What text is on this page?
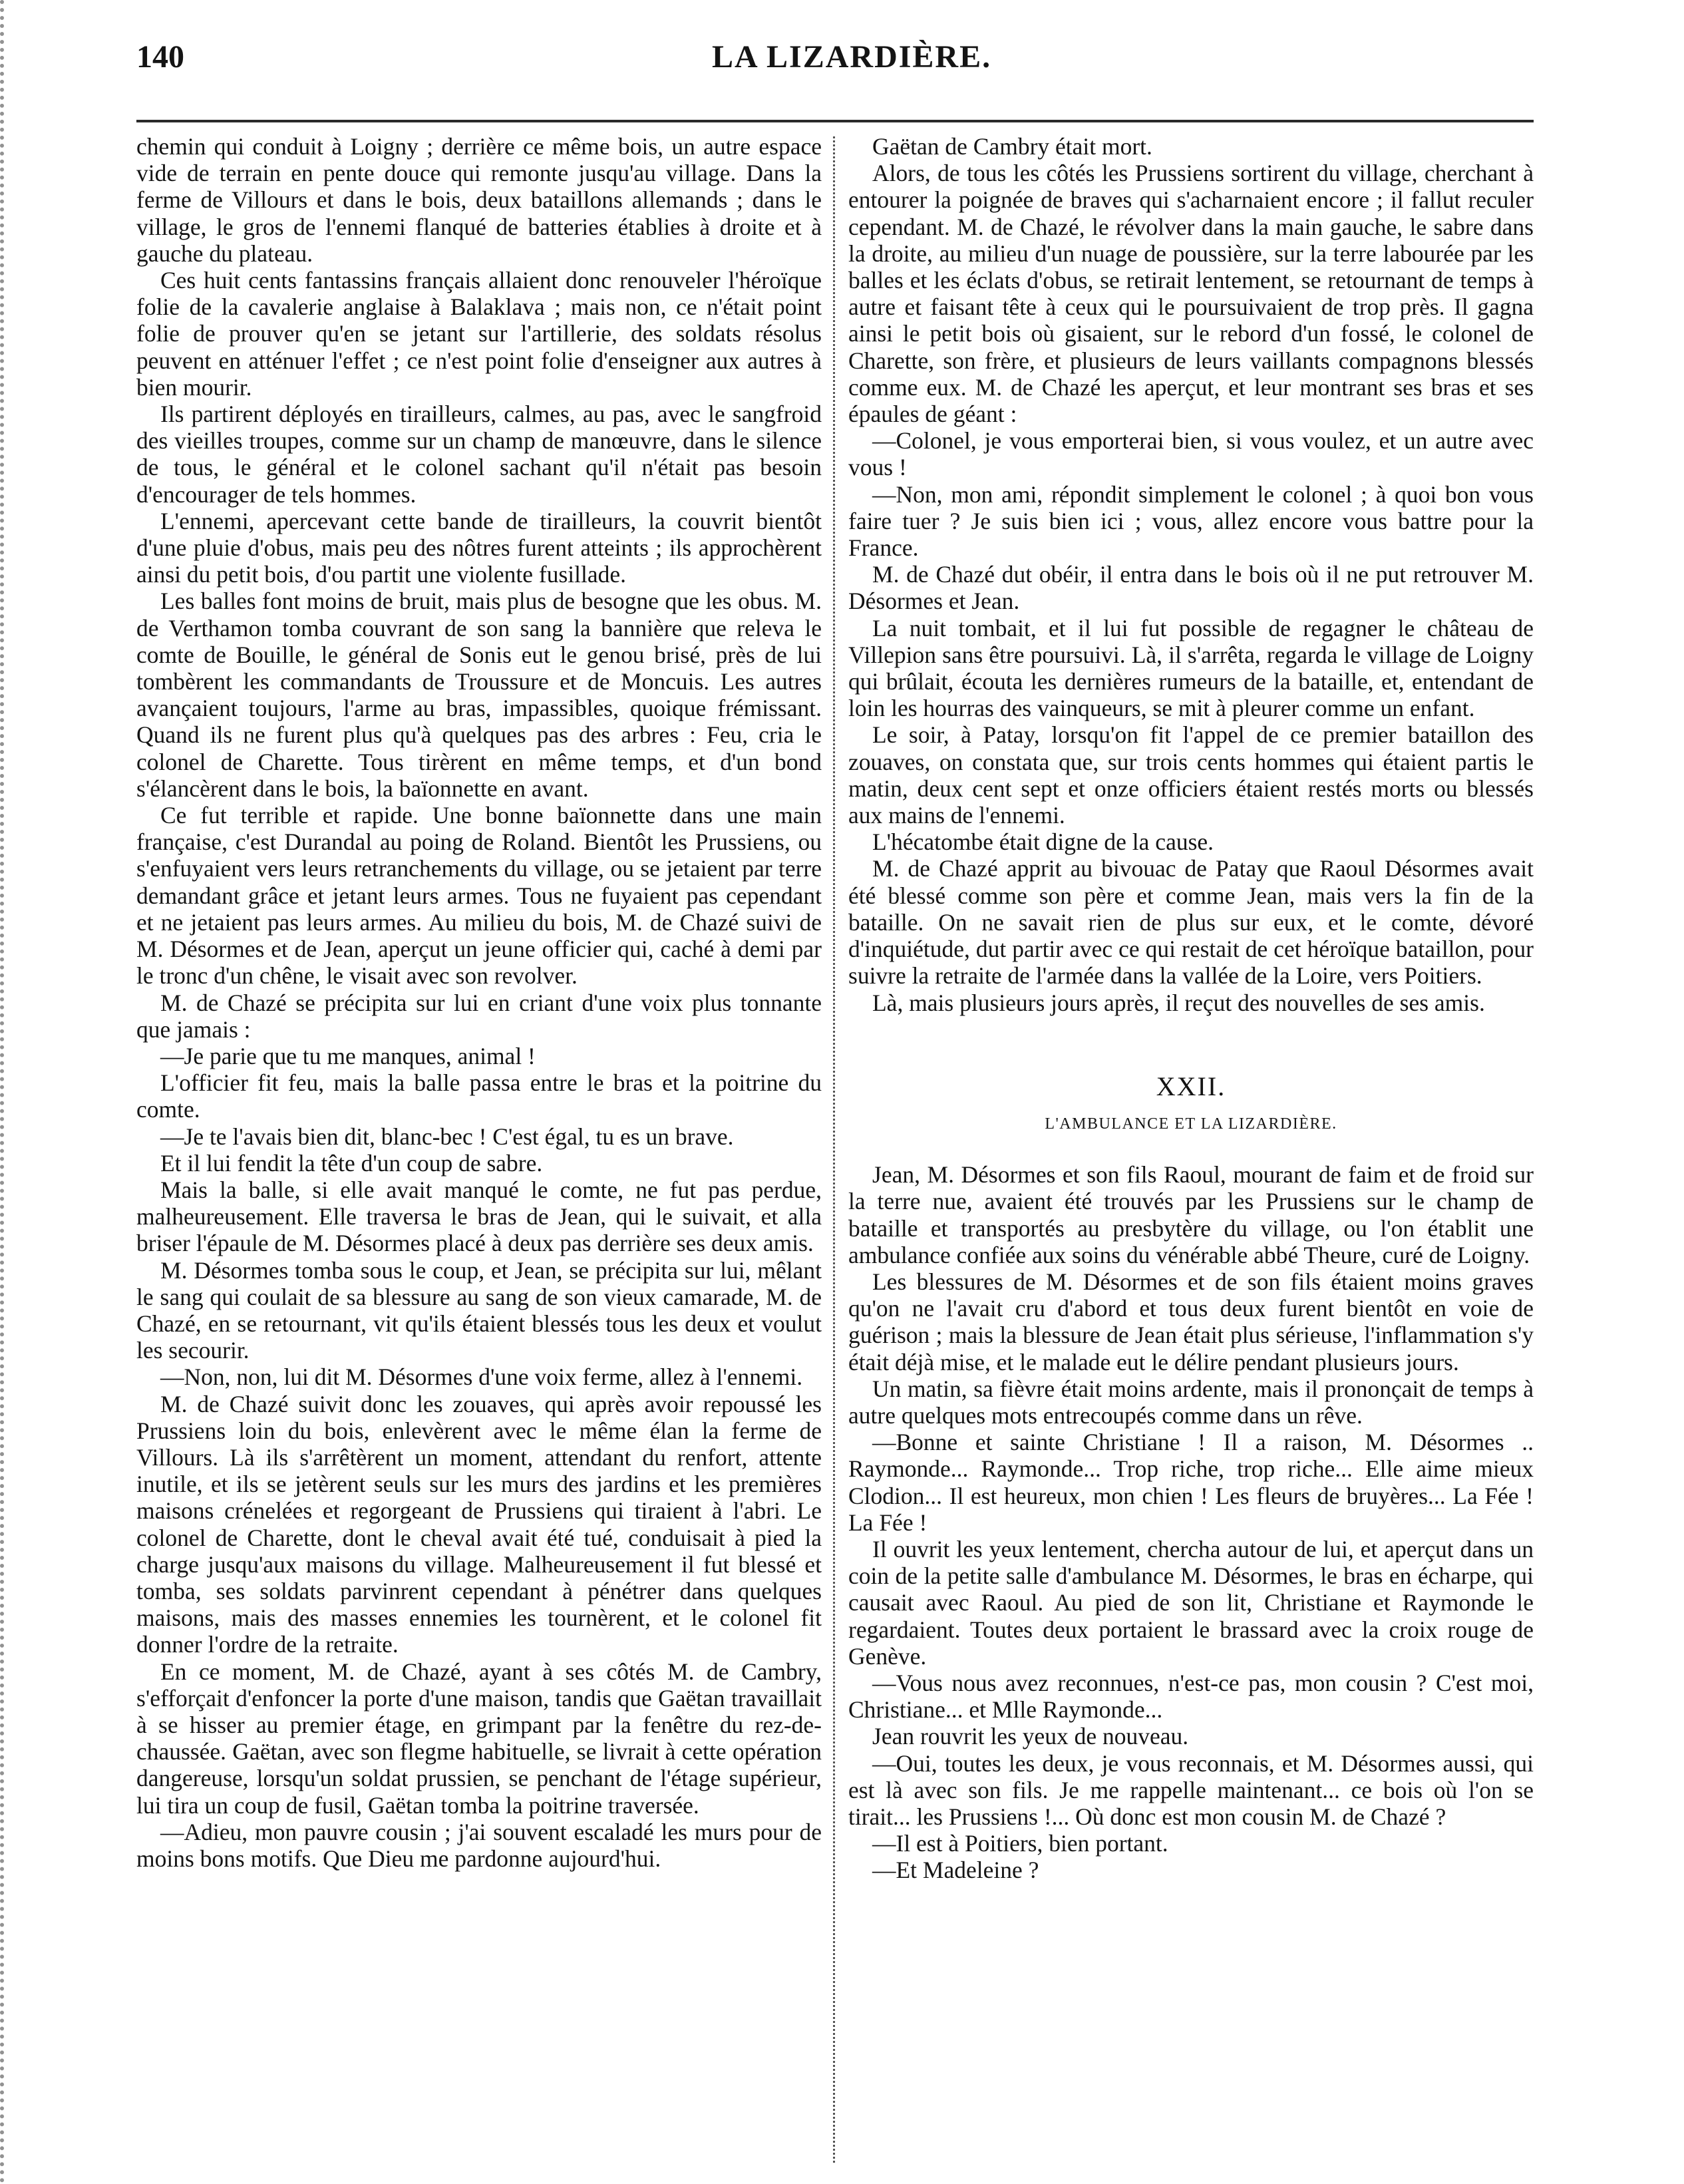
140	LA LIZARDIÈRE.

chemin qui conduit à Loigny ; derrière ce même bois, un autre espace vide de terrain en pente douce qui remonte jusqu'au village. Dans la ferme de Villours et dans le bois, deux bataillons allemands ; dans le village, le gros de l'ennemi flanqué de batteries établies à droite et à gauche du plateau.

Ces huit cents fantassins français allaient donc renouveler l'héroïque folie de la cavalerie anglaise à Balaklava ; mais non, ce n'était point folie de prouver qu'en se jetant sur l'artillerie, des soldats résolus peuvent en atténuer l'effet ; ce n'est point folie d'enseigner aux autres à bien mourir.

Ils partirent déployés en tirailleurs, calmes, au pas, avec le sangfroid des vieilles troupes, comme sur un champ de manœuvre, dans le silence de tous, le général et le colonel sachant qu'il n'était pas besoin d'encourager de tels hommes.

L'ennemi, apercevant cette bande de tirailleurs, la couvrit bientôt d'une pluie d'obus, mais peu des nôtres furent atteints ; ils approchèrent ainsi du petit bois, d'ou partit une violente fusillade.

Les balles font moins de bruit, mais plus de besogne que les obus. M. de Verthamon tomba couvrant de son sang la bannière que releva le comte de Bouille, le général de Sonis eut le genou brisé, près de lui tombèrent les commandants de Troussure et de Moncuis. Les autres avançaient toujours, l'arme au bras, impassibles, quoique frémissant. Quand ils ne furent plus qu'à quelques pas des arbres : Feu, cria le colonel de Charette. Tous tirèrent en même temps, et d'un bond s'élancèrent dans le bois, la baïonnette en avant.

Ce fut terrible et rapide. Une bonne baïonnette dans une main française, c'est Durandal au poing de Roland. Bientôt les Prussiens, ou s'enfuyaient vers leurs retranchements du village, ou se jetaient par terre demandant grâce et jetant leurs armes. Tous ne fuyaient pas cependant et ne jetaient pas leurs armes. Au milieu du bois, M. de Chazé suivi de M. Désormes et de Jean, aperçut un jeune officier qui, caché à demi par le tronc d'un chêne, le visait avec son revolver.

M. de Chazé se précipita sur lui en criant d'une voix plus tonnante que jamais :

—Je parie que tu me manques, animal !

L'officier fit feu, mais la balle passa entre le bras et la poitrine du comte.

—Je te l'avais bien dit, blanc-bec ! C'est égal, tu es un brave.

Et il lui fendit la tête d'un coup de sabre.

Mais la balle, si elle avait manqué le comte, ne fut pas perdue, malheureusement. Elle traversa le bras de Jean, qui le suivait, et alla briser l'épaule de M. Désormes placé à deux pas derrière ses deux amis.

M. Désormes tomba sous le coup, et Jean, se précipita sur lui, mêlant le sang qui coulait de sa blessure au sang de son vieux camarade, M. de Chazé, en se retournant, vit qu'ils étaient blessés tous les deux et voulut les secourir.

—Non, non, lui dit M. Désormes d'une voix ferme, allez à l'ennemi.

M. de Chazé suivit donc les zouaves, qui après avoir repoussé les Prussiens loin du bois, enlevèrent avec le même élan la ferme de Villours. Là ils s'arrêtèrent un moment, attendant du renfort, attente inutile, et ils se jetèrent seuls sur les murs des jardins et les premières maisons crénelées et regorgeant de Prussiens qui tiraient à l'abri. Le colonel de Charette, dont le cheval avait été tué, conduisait à pied la charge jusqu'aux maisons du village. Malheureusement il fut blessé et tomba, ses soldats parvinrent cependant à pénétrer dans quelques maisons, mais des masses ennemies les tournèrent, et le colonel fit donner l'ordre de la retraite.

En ce moment, M. de Chazé, ayant à ses côtés M. de Cambry, s'efforçait d'enfoncer la porte d'une maison, tandis que Gaëtan travaillait à se hisser au premier étage, en grimpant par la fenêtre du rez-de-chaussée. Gaëtan, avec son flegme habituelle, se livrait à cette opération dangereuse, lorsqu'un soldat prussien, se penchant de l'étage supérieur, lui tira un coup de fusil, Gaëtan tomba la poitrine traversée.

—Adieu, mon pauvre cousin ; j'ai souvent escaladé les murs pour de moins bons motifs. Que Dieu me pardonne aujourd'hui.

Gaëtan de Cambry était mort.

Alors, de tous les côtés les Prussiens sortirent du village, cherchant à entourer la poignée de braves qui s'acharnaient encore ; il fallut reculer cependant. M. de Chazé, le révolver dans la main gauche, le sabre dans la droite, au milieu d'un nuage de poussière, sur la terre labourée par les balles et les éclats d'obus, se retirait lentement, se retournant de temps à autre et faisant tête à ceux qui le poursuivaient de trop près. Il gagna ainsi le petit bois où gisaient, sur le rebord d'un fossé, le colonel de Charette, son frère, et plusieurs de leurs vaillants compagnons blessés comme eux. M. de Chazé les aperçut, et leur montrant ses bras et ses épaules de géant :

—Colonel, je vous emporterai bien, si vous voulez, et un autre avec vous !

—Non, mon ami, répondit simplement le colonel ; à quoi bon vous faire tuer ? Je suis bien ici ; vous, allez encore vous battre pour la France.

M. de Chazé dut obéir, il entra dans le bois où il ne put retrouver M. Désormes et Jean.

La nuit tombait, et il lui fut possible de regagner le château de Villepion sans être poursuivi. Là, il s'arrêta, regarda le village de Loigny qui brûlait, écouta les dernières rumeurs de la bataille, et, entendant de loin les hourras des vainqueurs, se mit à pleurer comme un enfant.

Le soir, à Patay, lorsqu'on fit l'appel de ce premier bataillon des zouaves, on constata que, sur trois cents hommes qui étaient partis le matin, deux cent sept et onze officiers étaient restés morts ou blessés aux mains de l'ennemi.

L'hécatombe était digne de la cause.

M. de Chazé apprit au bivouac de Patay que Raoul Désormes avait été blessé comme son père et comme Jean, mais vers la fin de la bataille. On ne savait rien de plus sur eux, et le comte, dévoré d'inquiétude, dut partir avec ce qui restait de cet héroïque bataillon, pour suivre la retraite de l'armée dans la vallée de la Loire, vers Poitiers.

Là, mais plusieurs jours après, il reçut des nouvelles de ses amis.

XXII.
L'AMBULANCE ET LA LIZARDIÈRE.

Jean, M. Désormes et son fils Raoul, mourant de faim et de froid sur la terre nue, avaient été trouvés par les Prussiens sur le champ de bataille et transportés au presbytère du village, ou l'on établit une ambulance confiée aux soins du vénérable abbé Theure, curé de Loigny.

Les blessures de M. Désormes et de son fils étaient moins graves qu'on ne l'avait cru d'abord et tous deux furent bientôt en voie de guérison ; mais la blessure de Jean était plus sérieuse, l'inflammation s'y était déjà mise, et le malade eut le délire pendant plusieurs jours.

Un matin, sa fièvre était moins ardente, mais il prononçait de temps à autre quelques mots entrecoupés comme dans un rêve.

—Bonne et sainte Christiane ! Il a raison, M. Désormes .. Raymonde... Raymonde... Trop riche, trop riche... Elle aime mieux Clodion... Il est heureux, mon chien ! Les fleurs de bruyères... La Fée ! La Fée !

Il ouvrit les yeux lentement, chercha autour de lui, et aperçut dans un coin de la petite salle d'ambulance M. Désormes, le bras en écharpe, qui causait avec Raoul. Au pied de son lit, Christiane et Raymonde le regardaient. Toutes deux portaient le brassard avec la croix rouge de Genève.

—Vous nous avez reconnues, n'est-ce pas, mon cousin ? C'est moi, Christiane... et Mlle Raymonde...

Jean rouvrit les yeux de nouveau.

—Oui, toutes les deux, je vous reconnais, et M. Désormes aussi, qui est là avec son fils. Je me rappelle maintenant... ce bois où l'on se tirait... les Prussiens !... Où donc est mon cousin M. de Chazé ?

—Il est à Poitiers, bien portant.

—Et Madeleine ?
